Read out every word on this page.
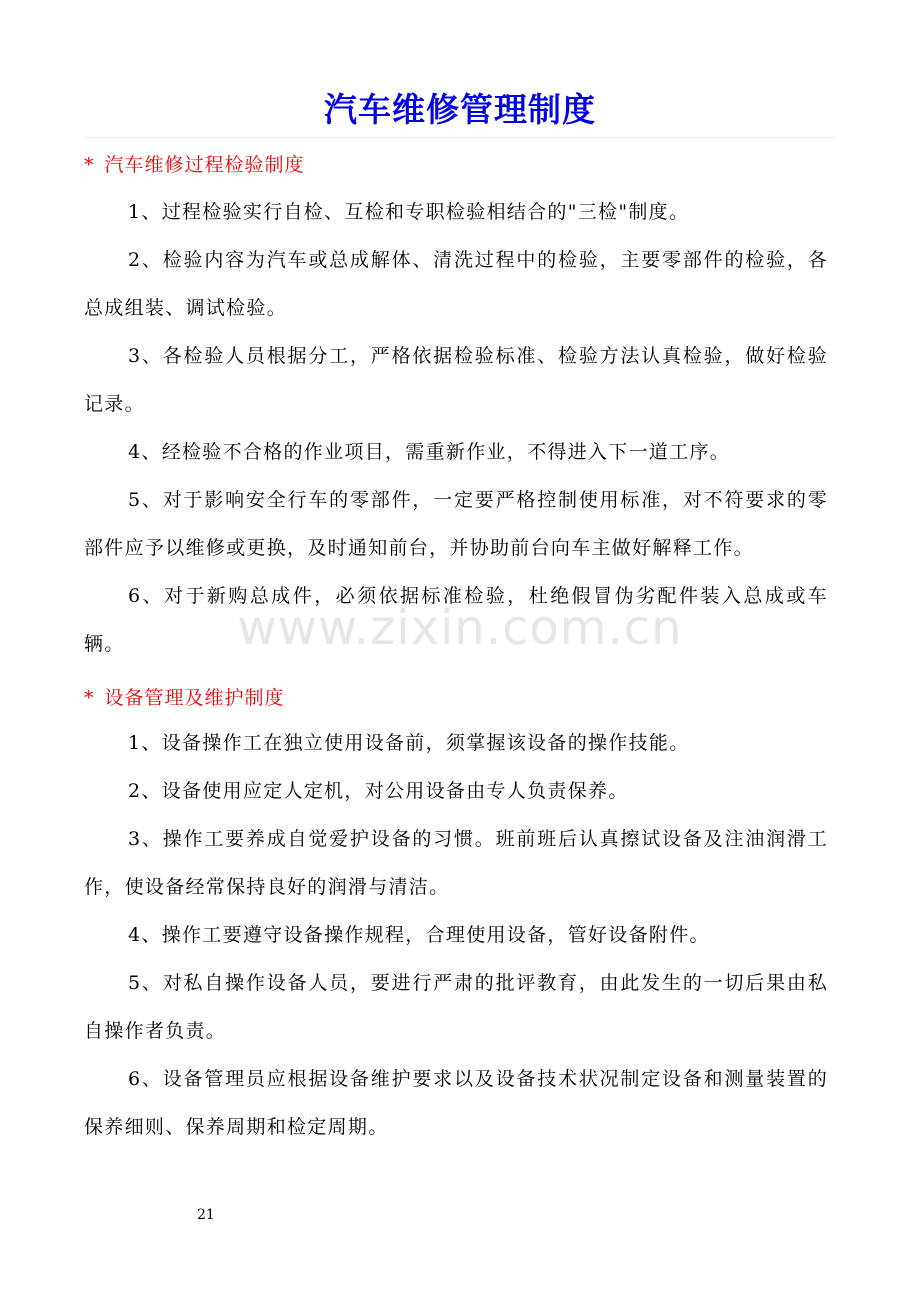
汽车维修管理制度
* 汽车维修过程检验制度
1、过程检验实行自检、互检和专职检验相结合的"三检"制度。
2、检验内容为汽车或总成解体、清洗过程中的检验，主要零部件的检验，各总成组装、调试检验。
3、各检验人员根据分工，严格依据检验标准、检验方法认真检验，做好检验记录。
4、经检验不合格的作业项目，需重新作业，不得进入下一道工序。
5、对于影响安全行车的零部件，一定要严格控制使用标准，对不符要求的零部件应予以维修或更换，及时通知前台，并协助前台向车主做好解释工作。
6、对于新购总成件，必须依据标准检验，杜绝假冒伪劣配件装入总成或车辆。
* 设备管理及维护制度
1、设备操作工在独立使用设备前，须掌握该设备的操作技能。
2、设备使用应定人定机，对公用设备由专人负责保养。
3、操作工要养成自觉爱护设备的习惯。班前班后认真擦试设备及注油润滑工作，使设备经常保持良好的润滑与清洁。
4、操作工要遵守设备操作规程，合理使用设备，管好设备附件。
5、对私自操作设备人员，要进行严肃的批评教育，由此发生的一切后果由私自操作者负责。
6、设备管理员应根据设备维护要求以及设备技术状况制定设备和测量装置的保养细则、保养周期和检定周期。
www.zixin.com.cn
21
